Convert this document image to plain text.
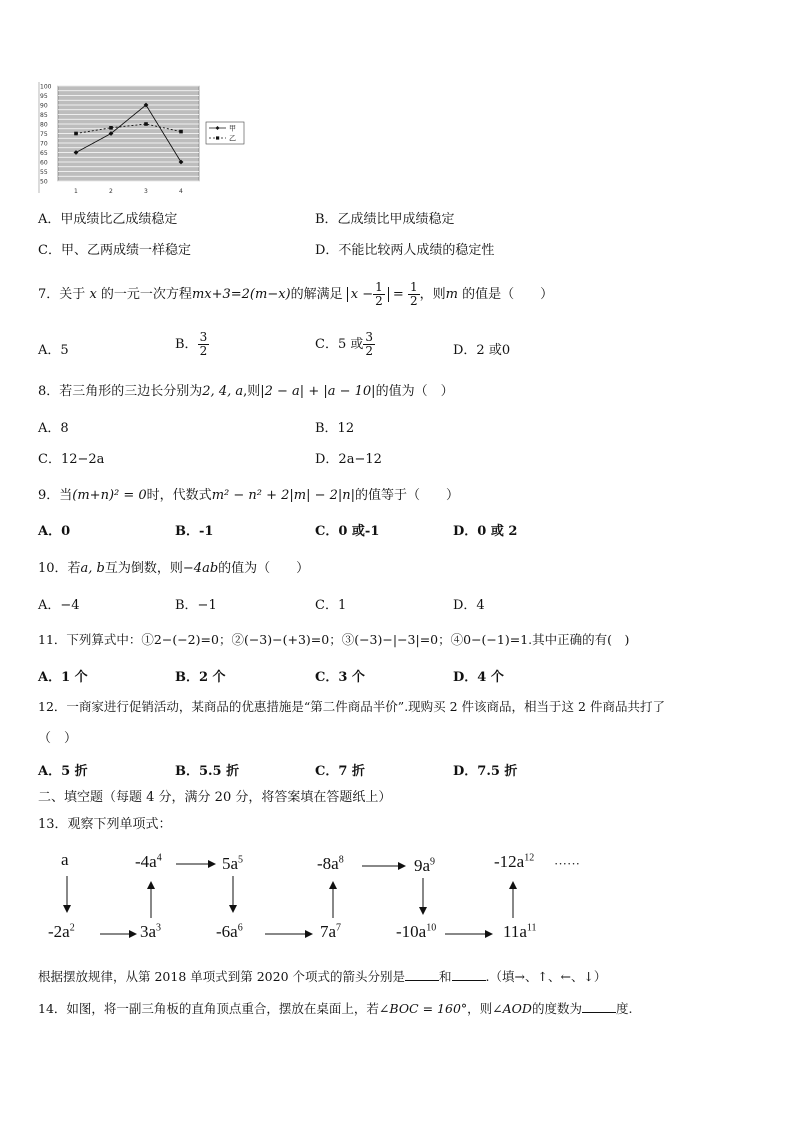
100
95
90
85
80
75
70
65
60
55
50
1	2	3	4
甲
乙
A．甲成绩比乙成绩稳定	B．乙成绩比甲成绩稳定
C．甲、乙两成绩一样稳定	D．不能比较两人成绩的稳定性
7．关于 x 的一元一次方程mx+3=2(m−x)的解满足 $x - \frac{1}{2} = \frac{1}{2}$ ，则m 的值是（　　）
A．5	B． $\frac{3}{2}$	C．5 或 $\frac{3}{2}$	D．2 或0
8．若三角形的三边长分别为2, 4, a,则|2 − a| + |a − 10|的值为（　）
A．8	B．12
C．12−2a	D．2a−12
9．当(m+n)² = 0时，代数式m² − n² + 2|m| − 2|n|的值等于（　　）
A．0	B．-1	C．0 或-1	D．0 或 2
10．若a, b互为倒数，则−4ab的值为（　　）
A．−4	B．−1	C．1	D．4
11．下列算式中：①2−(−2)=0；②(−3)−(+3)=0；③(−3)−|−3|=0；④0−(−1)=1.其中正确的有(　)
A．1 个	B．2 个	C．3 个	D．4 个
12．一商家进行促销活动，某商品的优惠措施是“第二件商品半价”.现购买 2 件该商品，相当于这 2 件商品共打了
（　）
A．5 折	B．5.5 折	C．7 折	D．7.5 折
二、填空题（每题 4 分，满分 20 分，将答案填在答题纸上）
13．观察下列单项式：
a
$-2a^2$	$3a^3$
$-4a^4$	$5a^5$
$-6a^6$	$7a^7$
$-8a^8$	$9a^9$
$-10a^{10}$	$11a^{11}$
$-12a^{12}$ ······
根据摆放规律，从第 2018 单项式到第 2020 个项式的箭头分别是	和	.（填→、↑、←、↓）
14．如图，将一副三角板的直角顶点重合，摆放在桌面上，若∠BOC = 160°，则∠AOD的度数为	度.
